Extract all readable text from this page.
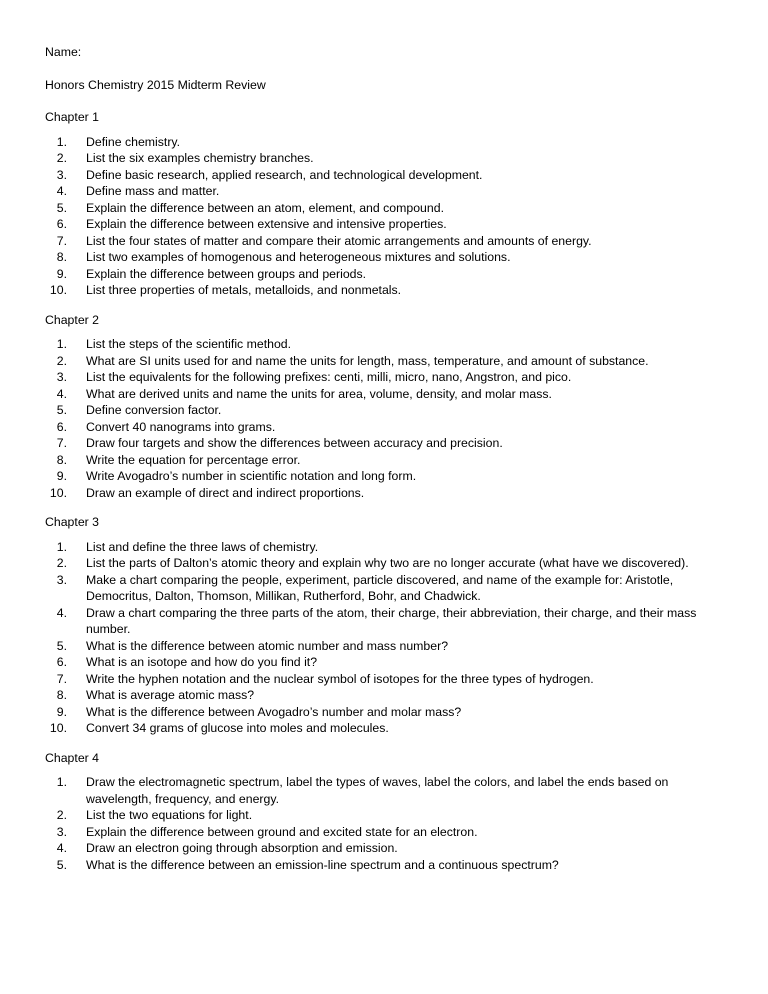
Name:

Honors Chemistry 2015 Midterm Review

Chapter 1

1. Define chemistry.
2. List the six examples chemistry branches.
3. Define basic research, applied research, and technological development.
4. Define mass and matter.
5. Explain the difference between an atom, element, and compound.
6. Explain the difference between extensive and intensive properties.
7. List the four states of matter and compare their atomic arrangements and amounts of energy.
8. List two examples of homogenous and heterogeneous mixtures and solutions.
9. Explain the difference between groups and periods.
10. List three properties of metals, metalloids, and nonmetals.

Chapter 2

1. List the steps of the scientific method.
2. What are SI units used for and name the units for length, mass, temperature, and amount of substance.
3. List the equivalents for the following prefixes: centi, milli, micro, nano, Angstron, and pico.
4. What are derived units and name the units for area, volume, density, and molar mass.
5. Define conversion factor.
6. Convert 40 nanograms into grams.
7. Draw four targets and show the differences between accuracy and precision.
8. Write the equation for percentage error.
9. Write Avogadro’s number in scientific notation and long form.
10. Draw an example of direct and indirect proportions.

Chapter 3

1. List and define the three laws of chemistry.
2. List the parts of Dalton’s atomic theory and explain why two are no longer accurate (what have we discovered).
3. Make a chart comparing the people, experiment, particle discovered, and name of the example for: Aristotle, Democritus, Dalton, Thomson, Millikan, Rutherford, Bohr, and Chadwick.
4. Draw a chart comparing the three parts of the atom, their charge, their abbreviation, their charge, and their mass number.
5. What is the difference between atomic number and mass number?
6. What is an isotope and how do you find it?
7. Write the hyphen notation and the nuclear symbol of isotopes for the three types of hydrogen.
8. What is average atomic mass?
9. What is the difference between Avogadro’s number and molar mass?
10. Convert 34 grams of glucose into moles and molecules.

Chapter 4

1. Draw the electromagnetic spectrum, label the types of waves, label the colors, and label the ends based on wavelength, frequency, and energy.
2. List the two equations for light.
3. Explain the difference between ground and excited state for an electron.
4. Draw an electron going through absorption and emission.
5. What is the difference between an emission-line spectrum and a continuous spectrum?
